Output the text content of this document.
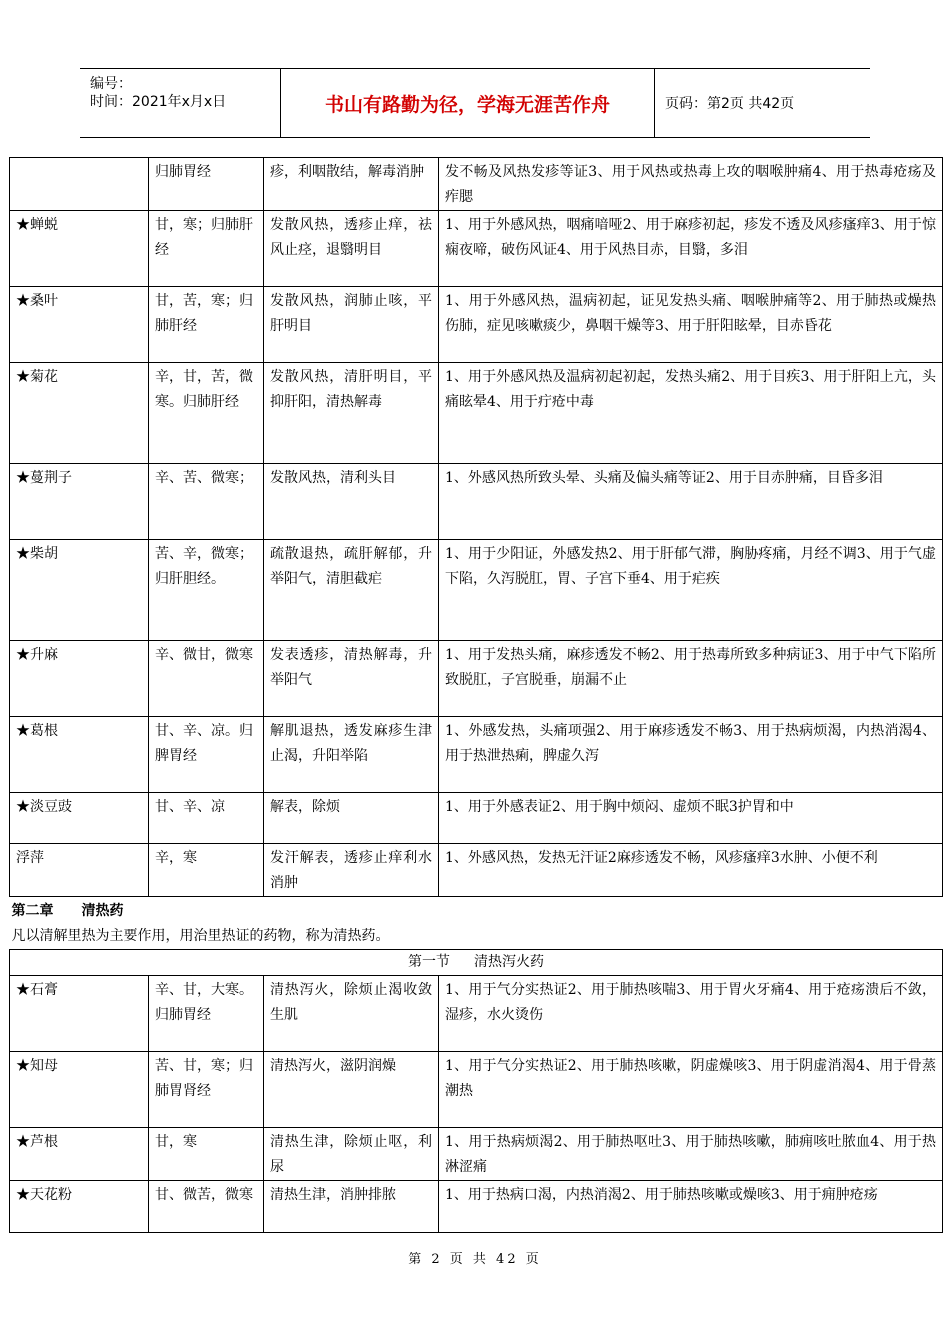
编号：
时间：2021年x月x日	书山有路勤为径，学海无涯苦作舟	页码：第2页 共42页
	归肺胃经	疹，利咽散结，解毒消肿	发不畅及风热发疹等证3、用于风热或热毒上攻的咽喉肿痛4、用于热毒疮疡及痄腮
★蝉蜕	甘，寒；归肺肝经	发散风热，透疹止痒，祛风止痉，退翳明目	1、用于外感风热，咽痛喑哑2、用于麻疹初起，疹发不透及风疹瘙痒3、用于惊痫夜啼，破伤风证4、用于风热目赤，目翳，多泪
★桑叶	甘，苦，寒；归肺肝经	发散风热，润肺止咳，平肝明目	1、用于外感风热，温病初起，证见发热头痛、咽喉肿痛等2、用于肺热或燥热伤肺，症见咳嗽痰少，鼻咽干燥等3、用于肝阳眩晕，目赤昏花
★菊花	辛，甘，苦，微寒。归肺肝经	发散风热，清肝明目，平抑肝阳，清热解毒	1、用于外感风热及温病初起初起，发热头痛2、用于目疾3、用于肝阳上亢，头痛眩晕4、用于疔疮中毒
★蔓荆子	辛、苦、微寒；	发散风热，清利头目	1、外感风热所致头晕、头痛及偏头痛等证2、用于目赤肿痛，目昏多泪
★柴胡	苦、辛，微寒；归肝胆经。	疏散退热，疏肝解郁，升举阳气，清胆截疟	1、用于少阳证，外感发热2、用于肝郁气滞，胸胁疼痛，月经不调3、用于气虚下陷，久泻脱肛，胃、子宫下垂4、用于疟疾
★升麻	辛、微甘，微寒	发表透疹，清热解毒，升举阳气	1、用于发热头痛，麻疹透发不畅2、用于热毒所致多种病证3、用于中气下陷所致脱肛，子宫脱垂，崩漏不止
★葛根	甘、辛、凉。归脾胃经	解肌退热，透发麻疹生津止渴，升阳举陷	1、外感发热，头痛项强2、用于麻疹透发不畅3、用于热病烦渴，内热消渴4、用于热泄热痢，脾虚久泻
★淡豆豉	甘、辛、凉	解表，除烦	1、用于外感表证2、用于胸中烦闷、虚烦不眠3护胃和中
浮萍	辛，寒	发汗解表，透疹止痒利水消肿	1、外感风热，发热无汗证2麻疹透发不畅，风疹瘙痒3水肿、小便不利
第二章 清热药			
凡以清解里热为主要作用，用治里热证的药物，称为清热药。			
第一节 清热泻火药			
★石膏	辛、甘，大寒。归肺胃经	清热泻火，除烦止渴收敛生肌	1、用于气分实热证2、用于肺热咳喘3、用于胃火牙痛4、用于疮疡溃后不敛，湿疹，水火烫伤
★知母	苦、甘，寒；归肺胃肾经	清热泻火，滋阴润燥	1、用于气分实热证2、用于肺热咳嗽，阴虚燥咳3、用于阴虚消渴4、用于骨蒸潮热
★芦根	甘，寒	清热生津，除烦止呕，利尿	1、用于热病烦渴2、用于肺热呕吐3、用于肺热咳嗽，肺痈咳吐脓血4、用于热淋涩痛
★天花粉	甘、微苦，微寒	清热生津，消肿排脓	1、用于热病口渴，内热消渴2、用于肺热咳嗽或燥咳3、用于痈肿疮疡
第 2 页 共 42 页
